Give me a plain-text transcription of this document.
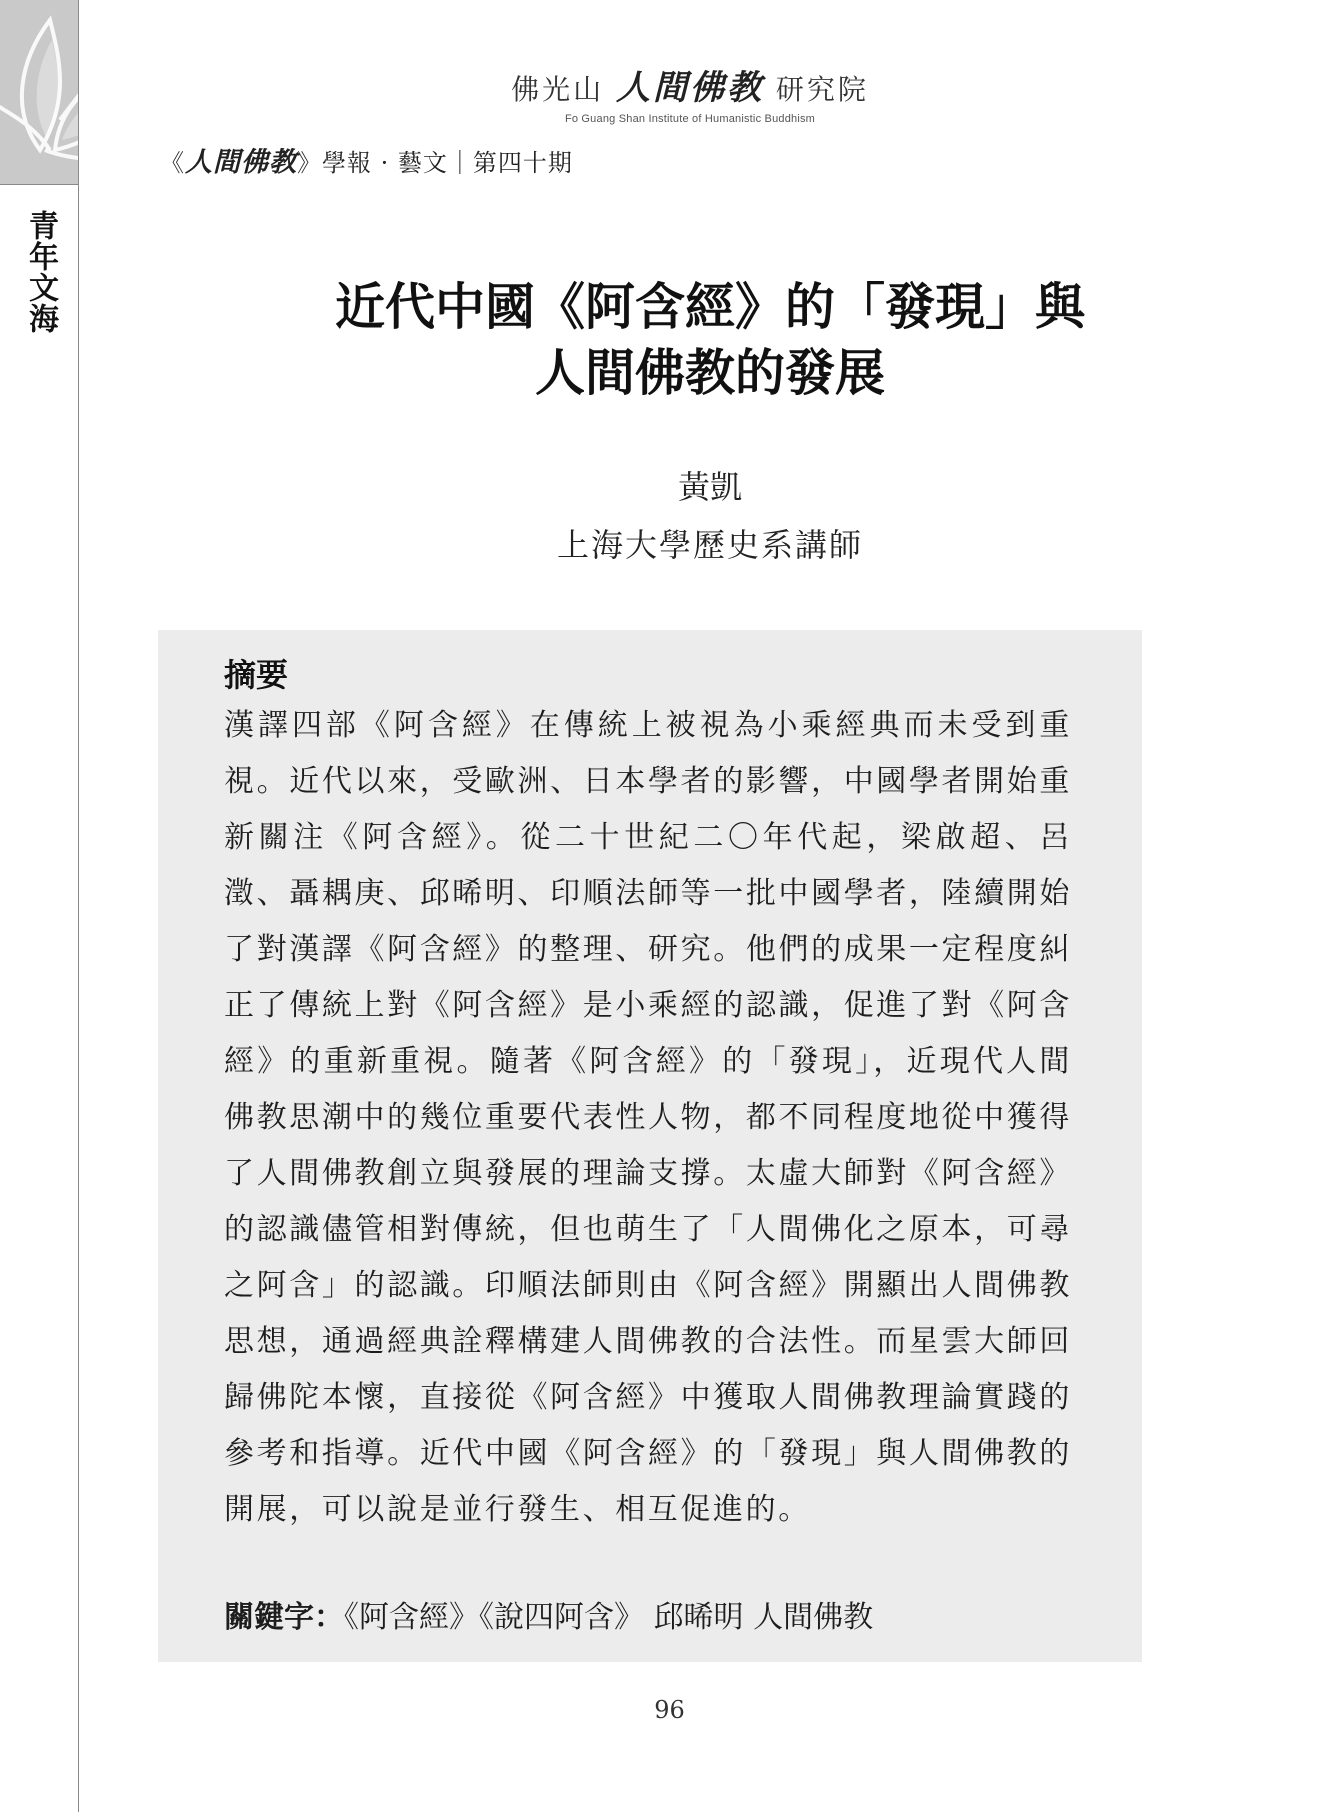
青年文海
佛光山 人間佛教 研究院
Fo Guang Shan Institute of Humanistic Buddhism
《人間佛教》學報 · 藝文｜第四十期
近代中國《阿含經》的「發現」與
人間佛教的發展
黃凱
上海大學歷史系講師
摘要
漢譯四部《阿含經》在傳統上被視為小乘經典而未受到重視。近代以來，受歐洲、日本學者的影響，中國學者開始重新關注《阿含經》。從二十世紀二〇年代起，梁啟超、呂澂、聶耦庚、邱晞明、印順法師等一批中國學者，陸續開始了對漢譯《阿含經》的整理、研究。他們的成果一定程度糾正了傳統上對《阿含經》是小乘經的認識，促進了對《阿含經》的重新重視。隨著《阿含經》的「發現」，近現代人間佛教思潮中的幾位重要代表性人物，都不同程度地從中獲得了人間佛教創立與發展的理論支撐。太虛大師對《阿含經》的認識儘管相對傳統，但也萌生了「人間佛化之原本，可尋之阿含」的認識。印順法師則由《阿含經》開顯出人間佛教思想，通過經典詮釋構建人間佛教的合法性。而星雲大師回歸佛陀本懷，直接從《阿含經》中獲取人間佛教理論實踐的參考和指導。近代中國《阿含經》的「發現」與人間佛教的開展，可以說是並行發生、相互促進的。
關鍵字：《阿含經》《說四阿含》 邱晞明 人間佛教
96
